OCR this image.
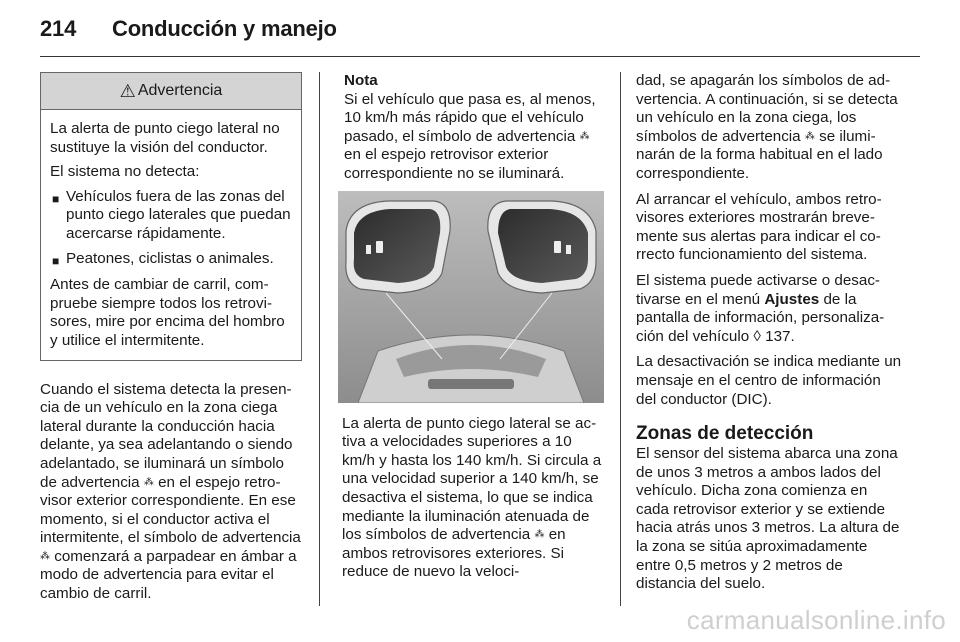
214 Conducción y manejo
⚠ Advertencia

La alerta de punto ciego lateral no sustituye la visión del conductor.

El sistema no detecta:

■ Vehículos fuera de las zonas del punto ciego laterales que puedan acercarse rápidamente.
■ Peatones, ciclistas o animales.

Antes de cambiar de carril, compruebe siempre todos los retrovisores, mire por encima del hombro y utilice el intermitente.

Cuando el sistema detecta la presencia de un vehículo en la zona ciega lateral durante la conducción hacia delante, ya sea adelantando o siendo adelantado, se iluminará un símbolo de advertencia ⁂ en el espejo retrovisor exterior correspondiente. En ese momento, si el conductor activa el intermitente, el símbolo de advertencia ⁂ comenzará a parpadear en ámbar a modo de advertencia para evitar el cambio de carril.

Nota

Si el vehículo que pasa es, al menos, 10 km/h más rápido que el vehículo pasado, el símbolo de advertencia ⁂ en el espejo retrovisor exterior correspondiente no se iluminará.

La alerta de punto ciego lateral se activa a velocidades superiores a 10 km/h y hasta los 140 km/h. Si circula a una velocidad superior a 140 km/h, se desactiva el sistema, lo que se indica mediante la iluminación atenuada de los símbolos de advertencia ⁂ en ambos retrovisores exteriores. Si reduce de nuevo la veloci-

dad, se apagarán los símbolos de advertencia. A continuación, si se detecta un vehículo en la zona ciega, los símbolos de advertencia ⁂ se iluminarán de la forma habitual en el lado correspondiente.

Al arrancar el vehículo, ambos retrovisores exteriores mostrarán brevemente sus alertas para indicar el correcto funcionamiento del sistema.

El sistema puede activarse o desactivarse en el menú Ajustes de la pantalla de información, personalización del vehículo ◊ 137.

La desactivación se indica mediante un mensaje en el centro de información del conductor (DIC).

Zonas de detección

El sensor del sistema abarca una zona de unos 3 metros a ambos lados del vehículo. Dicha zona comienza en cada retrovisor exterior y se extiende hacia atrás unos 3 metros. La altura de la zona se sitúa aproximadamente entre 0,5 metros y 2 metros de distancia del suelo.

carmanualsonline.info
